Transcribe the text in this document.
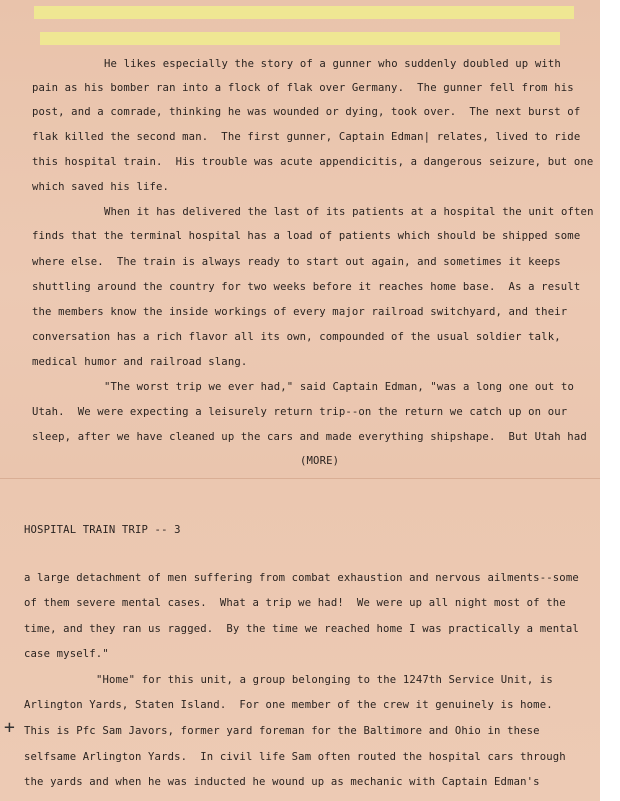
He likes especially the story of a gunner who suddenly doubled up with
pain as his bomber ran into a flock of flak over Germany.  The gunner fell from his
post, and a comrade, thinking he was wounded or dying, took over.  The next burst of
flak killed the second man.  The first gunner, Captain Edman| relates, lived to ride
this hospital train.  His trouble was acute appendicitis, a dangerous seizure, but one
which saved his life.
When it has delivered the last of its patients at a hospital the unit often
finds that the terminal hospital has a load of patients which should be shipped some
where else.  The train is always ready to start out again, and sometimes it keeps
shuttling around the country for two weeks before it reaches home base.  As a result
the members know the inside workings of every major railroad switchyard, and their
conversation has a rich flavor all its own, compounded of the usual soldier talk,
medical humor and railroad slang.
"The worst trip we ever had," said Captain Edman, "was a long one out to
Utah.  We were expecting a leisurely return trip--on the return we catch up on our
sleep, after we have cleaned up the cars and made everything shipshape.  But Utah had
(MORE)
HOSPITAL TRAIN TRIP -- 3
a large detachment of men suffering from combat exhaustion and nervous ailments--some
of them severe mental cases.  What a trip we had!  We were up all night most of the
time, and they ran us ragged.  By the time we reached home I was practically a mental
case myself."
"Home" for this unit, a group belonging to the 1247th Service Unit, is
Arlington Yards, Staten Island.  For one member of the crew it genuinely is home.
This is Pfc Sam Javors, former yard foreman for the Baltimore and Ohio in these
selfsame Arlington Yards.  In civil life Sam often routed the hospital cars through
the yards and when he was inducted he wound up as mechanic with Captain Edman's
+
